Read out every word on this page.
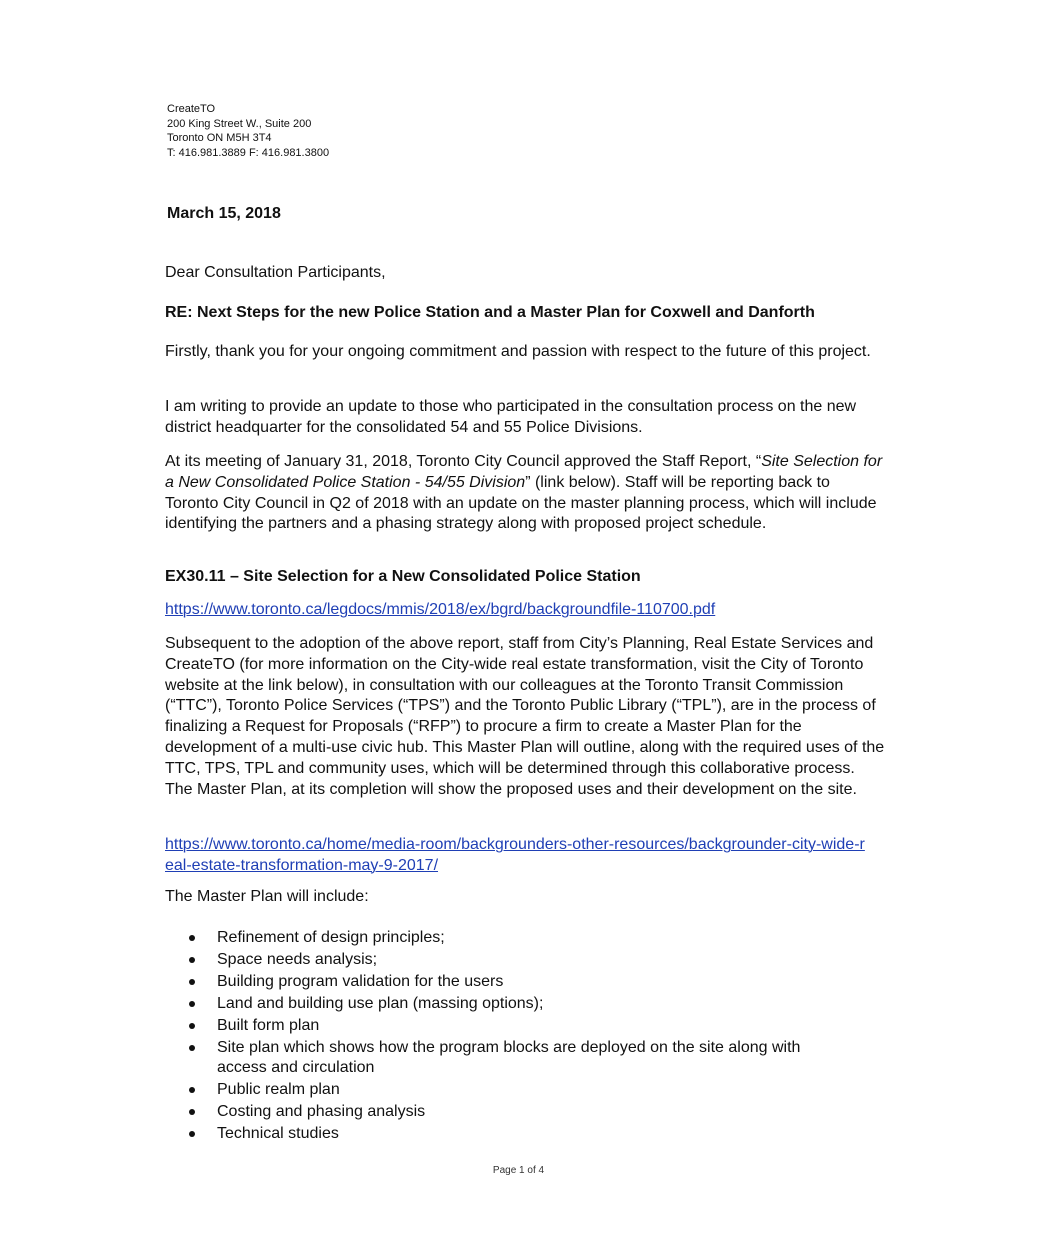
CreateTO
200 King Street W., Suite 200
Toronto ON M5H 3T4
T: 416.981.3889 F: 416.981.3800
March 15, 2018
Dear Consultation Participants,
RE: Next Steps for the new Police Station and a Master Plan for Coxwell and Danforth
Firstly, thank you for your ongoing commitment and passion with respect to the future of this project.
I am writing to provide an update to those who participated in the consultation process on the new district headquarter for the consolidated 54 and 55 Police Divisions.
At its meeting of January 31, 2018, Toronto City Council approved the Staff Report, “Site Selection for a New Consolidated Police Station - 54/55 Division” (link below). Staff will be reporting back to Toronto City Council in Q2 of 2018 with an update on the master planning process, which will include identifying the partners and a phasing strategy along with proposed project schedule.
EX30.11 – Site Selection for a New Consolidated Police Station
https://www.toronto.ca/legdocs/mmis/2018/ex/bgrd/backgroundfile-110700.pdf
Subsequent to the adoption of the above report, staff from City’s Planning, Real Estate Services and CreateTO (for more information on the City-wide real estate transformation, visit the City of Toronto website at the link below), in consultation with our colleagues at the Toronto Transit Commission (“TTC”), Toronto Police Services (“TPS”) and the Toronto Public Library (“TPL”), are in the process of finalizing a Request for Proposals (“RFP”) to procure a firm to create a Master Plan for the development of a multi-use civic hub. This Master Plan will outline, along with the required uses of the TTC, TPS, TPL and community uses, which will be determined through this collaborative process. The Master Plan, at its completion will show the proposed uses and their development on the site.
https://www.toronto.ca/home/media-room/backgrounders-other-resources/backgrounder-city-wide-real-estate-transformation-may-9-2017/
The Master Plan will include:
Refinement of design principles;
Space needs analysis;
Building program validation for the users
Land and building use plan (massing options);
Built form plan
Site plan which shows how the program blocks are deployed on the site along with access and circulation
Public realm plan
Costing and phasing analysis
Technical studies
Page 1 of 4
